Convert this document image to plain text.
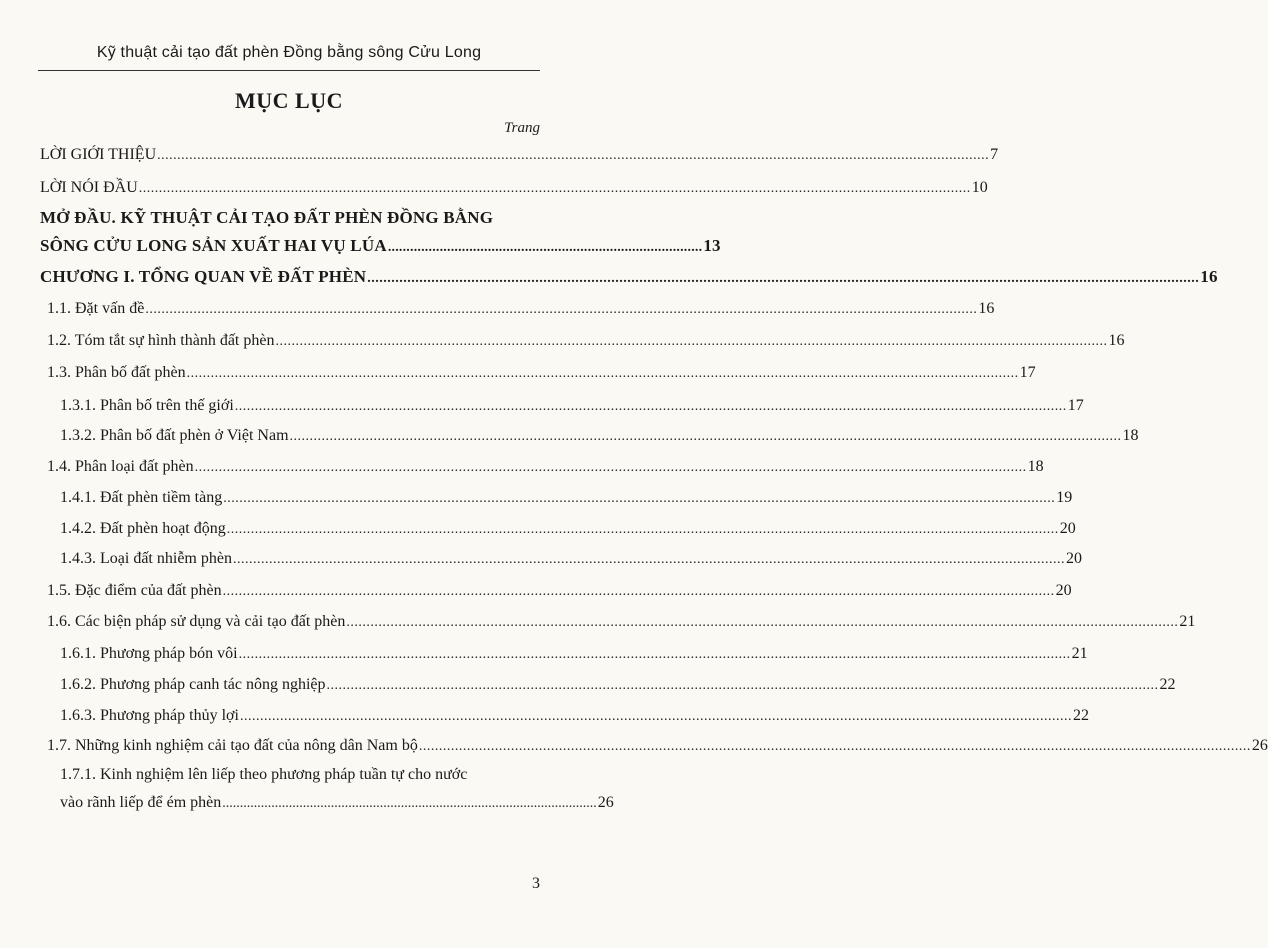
Kỹ thuật cải tạo đất phèn Đồng bằng sông Cửu Long
MỤC LỤC
Trang
LỜI GIỚI THIỆU .....	7
LỜI NÓI ĐẦU .....	10
MỞ ĐẦU. KỸ THUẬT CẢI TẠO ĐẤT PHÈN ĐỒNG BẰNG
SÔNG CỬU LONG SẢN XUẤT HAI VỤ LÚA ..................................................................................... 13
CHƯƠNG I. TỔNG QUAN VỀ ĐẤT PHÈN .....	16
1.1. Đặt vấn đề .....	16
1.2. Tóm tắt sự hình thành đất phèn .....	16
1.3. Phân bố đất phèn .....	17
1.3.1. Phân bố trên thế giới .....	17
1.3.2. Phân bố đất phèn ở Việt Nam .....	18
1.4. Phân loại đất phèn .....	18
1.4.1. Đất phèn tiềm tàng .....	19
1.4.2. Đất phèn hoạt động .....	20
1.4.3. Loại đất nhiễm phèn .....	20
1.5. Đặc điểm của đất phèn .....	20
1.6. Các biện pháp sử dụng và cải tạo đất phèn .....	21
1.6.1. Phương pháp bón vôi .....	21
1.6.2. Phương pháp canh tác nông nghiệp .....	22
1.6.3. Phương pháp thủy lợi .....	22
1.7. Những kinh nghiệm cải tạo đất của nông dân Nam bộ .....	26
1.7.1. Kinh nghiệm lên liếp theo phương pháp tuần tự cho nước
vào rãnh liếp để ém phèn ........................................................................................................... 26
3
